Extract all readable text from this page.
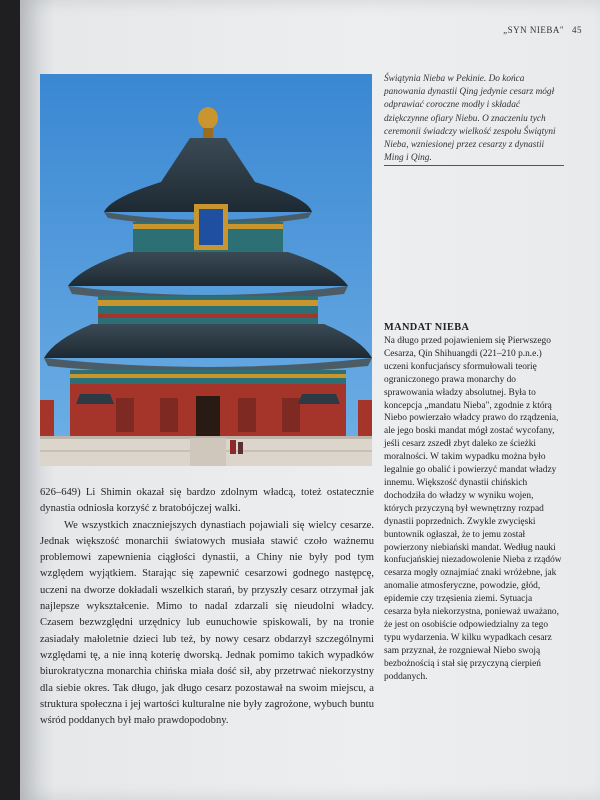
„SYN NIEBA" 45
Świątynia Nieba w Pekinie. Do końca panowania dynastii Qing jedynie cesarz mógł odprawiać coroczne modły i składać dziękczynne ofiary Niebu. O znaczeniu tych ceremonii świadczy wielkość zespołu Świątyni Nieba, wzniesionej przez cesarzy z dynastii Ming i Qing.
MANDAT NIEBA

Na długo przed pojawieniem się Pierwszego Cesarza, Qin Shihuangdi (221–210 p.n.e.) uczeni konfucjańscy sformułowali teorię ograniczonego prawa monarchy do sprawowania władzy absolutnej. Była to koncepcja „mandatu Nieba", zgodnie z którą Niebo powierzało władcy prawo do rządzenia, ale jego boski mandat mógł zostać wycofany, jeśli cesarz zszedł zbyt daleko ze ścieżki moralności. W takim wypadku można było legalnie go obalić i powierzyć mandat władzy innemu. Większość dynastii chińskich dochodziła do władzy w wyniku wojen, których przyczyną był wewnętrzny rozpad dynastii poprzednich. Zwykle zwycięski buntownik ogłaszał, że to jemu został powierzony niebiański mandat. Według nauki konfucjańskiej niezadowolenie Nieba z rządów cesarza mogły oznajmiać znaki wróżebne, jak anomalie atmosferyczne, powodzie, głód, epidemie czy trzęsienia ziemi. Sytuacja cesarza była niekorzystna, ponieważ uważano, że jest on osobiście odpowiedzialny za tego typu wydarzenia. W kilku wypadkach cesarz sam przyznał, że rozgniewał Niebo swoją bezbożnością i stał się przyczyną cierpień poddanych.

626–649) Li Shimin okazał się bardzo zdolnym władcą, toteż ostatecznie dynastia odniosła korzyść z bratobójczej walki.

We wszystkich znaczniejszych dynastiach pojawiali się wielcy cesarze. Jednak większość monarchii światowych musiała stawić czoło ważnemu problemowi zapewnienia ciągłości dynastii, a Chiny nie były pod tym względem wyjątkiem. Starając się zapewnić cesarzowi godnego następcę, uczeni na dworze dokładali wszelkich starań, by przyszły cesarz otrzymał jak najlepsze wykształcenie. Mimo to nadal zdarzali się nieudolni władcy. Czasem bezwzględni urzędnicy lub eunuchowie spiskowali, by na tronie zasiadały małoletnie dzieci lub też, by nowy cesarz obdarzył szczególnymi względami tę, a nie inną koterię dworską. Jednak pomimo takich wypadków biurokratyczna monarchia chińska miała dość sił, aby przetrwać niekorzystny dla siebie okres. Tak długo, jak długo cesarz pozostawał na swoim miejscu, a struktura społeczna i jej wartości kulturalne nie były zagrożone, wybuch buntu wśród poddanych był mało prawdopodobny.
